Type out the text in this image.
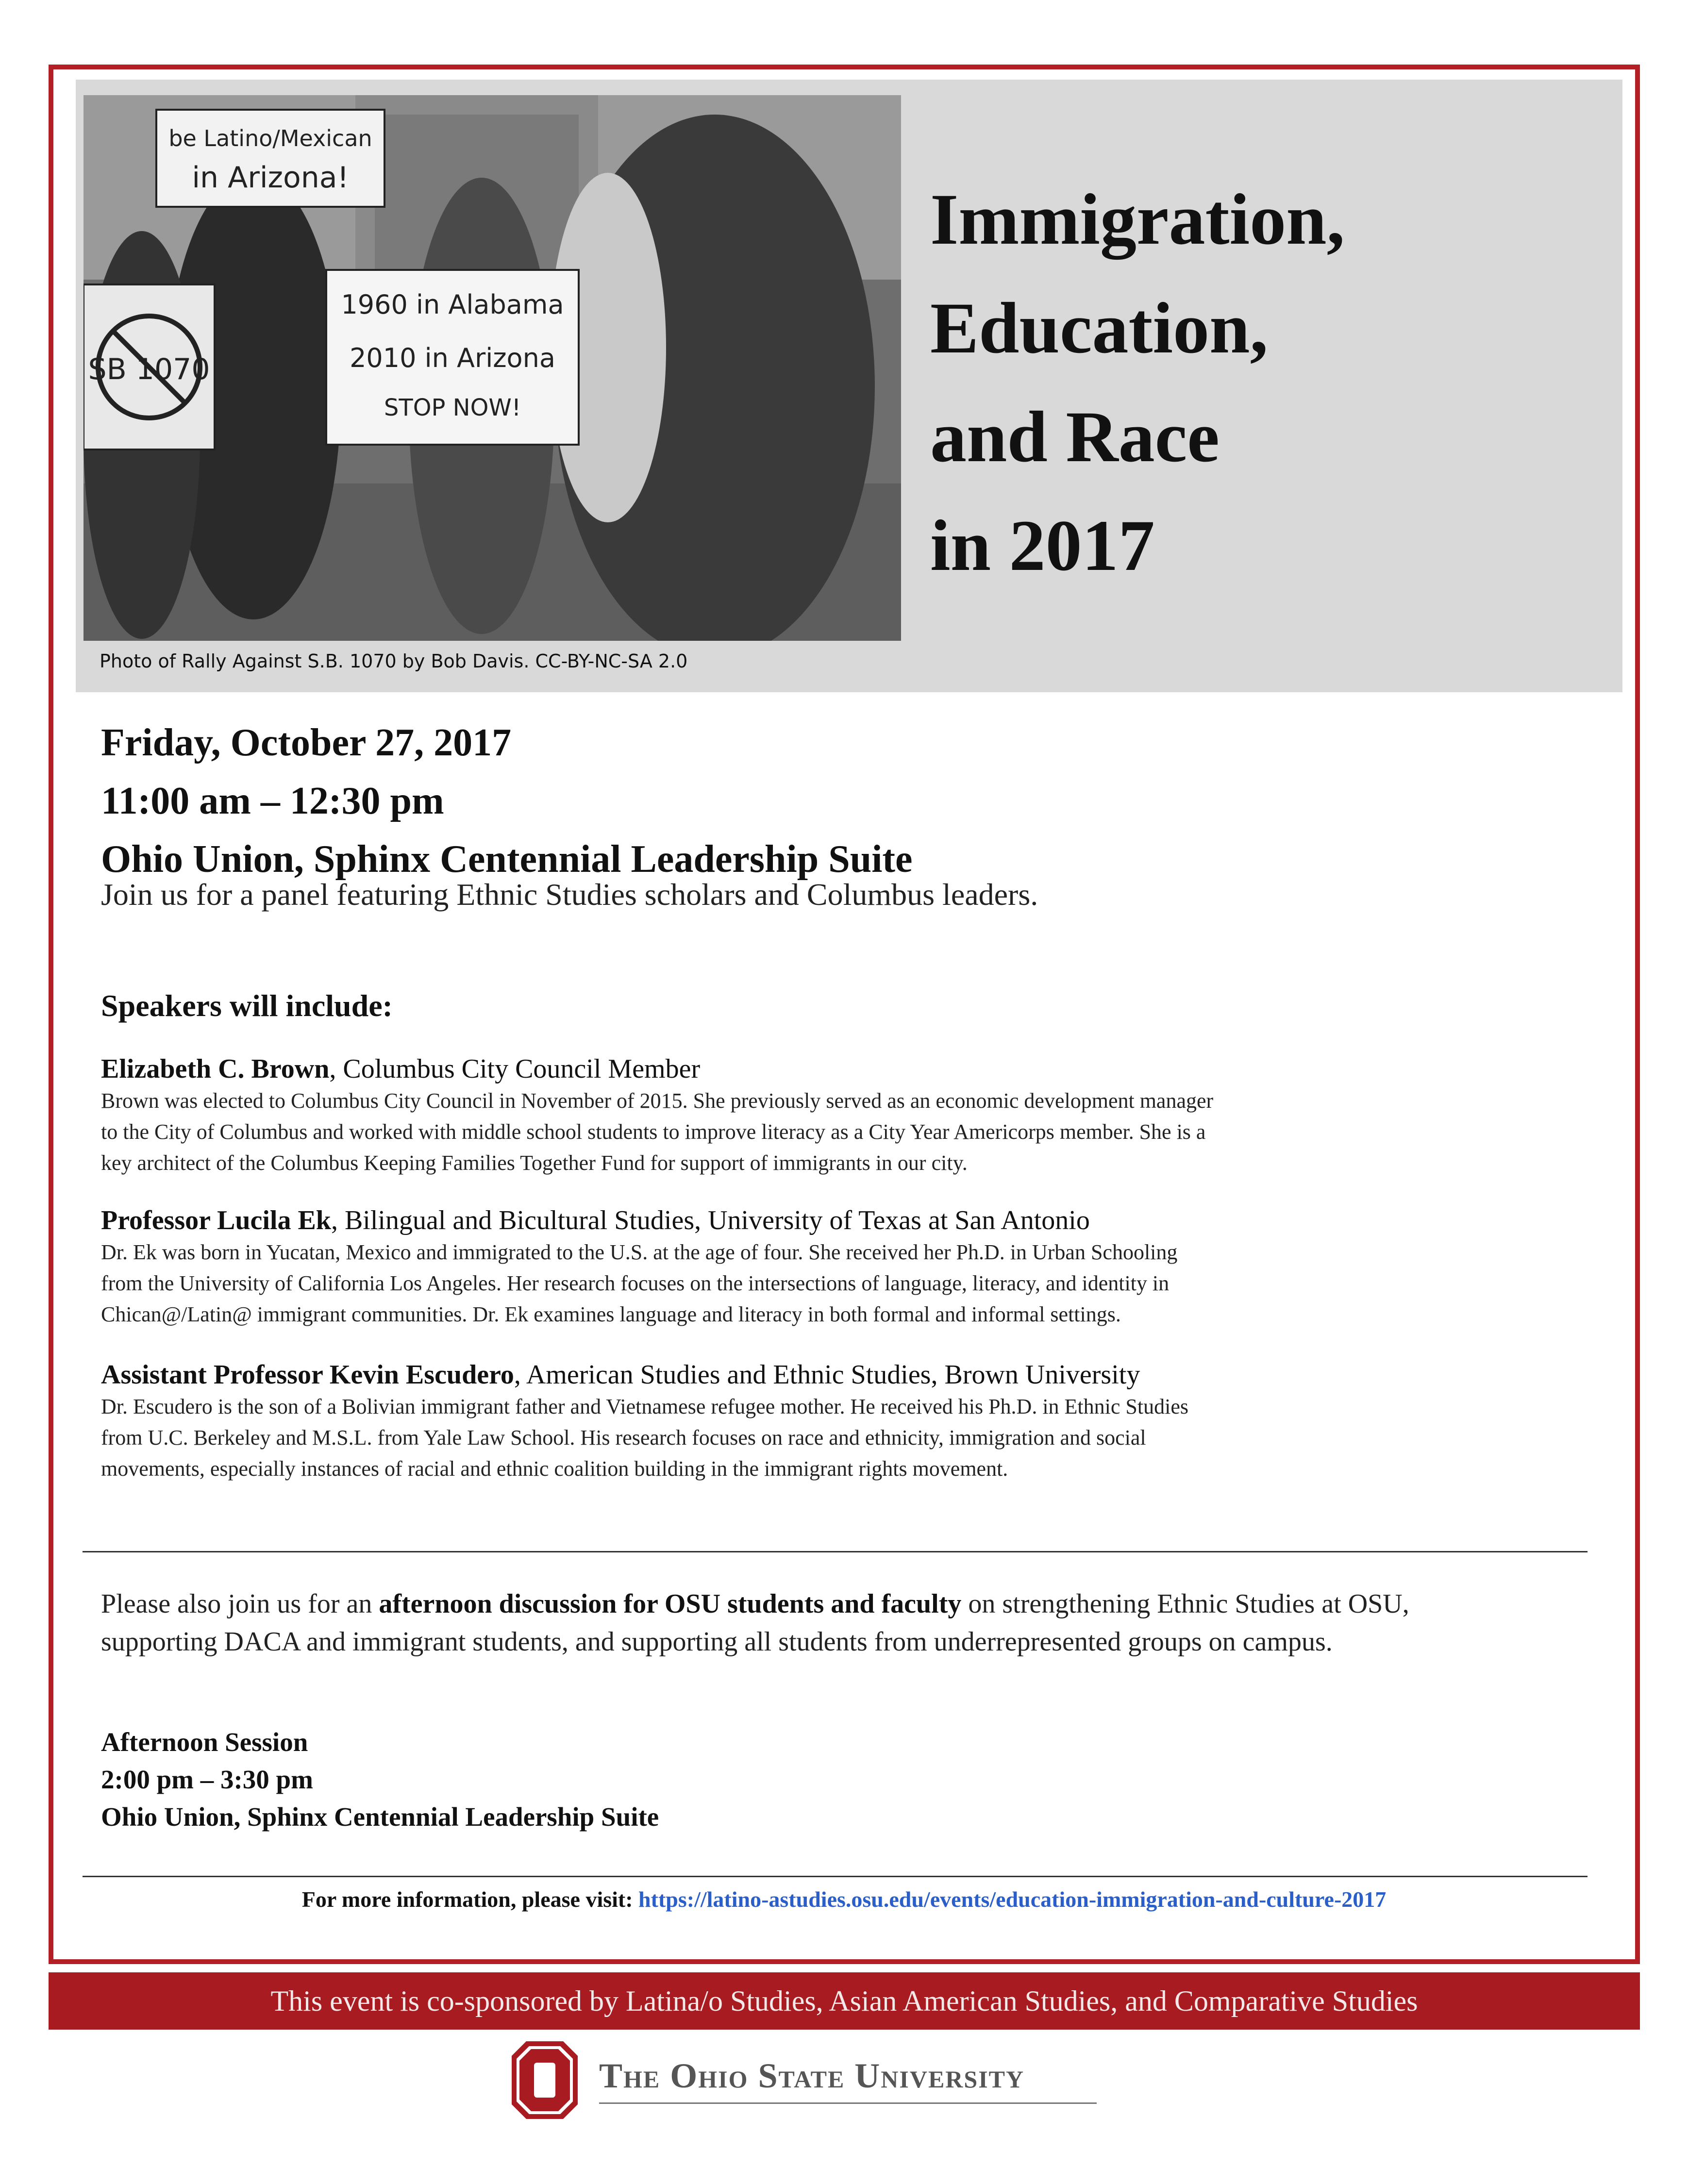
be Latino/Mexican
in Arizona!
1960 in Alabama
2010 in Arizona
STOP NOW!
SB 1070
Photo of Rally Against S.B. 1070 by Bob Davis. CC-BY-NC-SA 2.0
Immigration,
Education,
and Race
in 2017
Friday, October 27, 2017
11:00 am – 12:30 pm
Ohio Union, Sphinx Centennial Leadership Suite
Join us for a panel featuring Ethnic Studies scholars and Columbus leaders.
Speakers will include:
Elizabeth C. Brown, Columbus City Council Member
Brown was elected to Columbus City Council in November of 2015. She previously served as an economic development manager
to the City of Columbus and worked with middle school students to improve literacy as a City Year Americorps member. She is a
key architect of the Columbus Keeping Families Together Fund for support of immigrants in our city.
Professor Lucila Ek, Bilingual and Bicultural Studies, University of Texas at San Antonio
Dr. Ek was born in Yucatan, Mexico and immigrated to the U.S. at the age of four. She received her Ph.D. in Urban Schooling
from the University of California Los Angeles. Her research focuses on the intersections of language, literacy, and identity in
Chican@/Latin@ immigrant communities. Dr. Ek examines language and literacy in both formal and informal settings.
Assistant Professor Kevin Escudero, American Studies and Ethnic Studies, Brown University
Dr. Escudero is the son of a Bolivian immigrant father and Vietnamese refugee mother. He received his Ph.D. in Ethnic Studies
from U.C. Berkeley and M.S.L. from Yale Law School. His research focuses on race and ethnicity, immigration and social
movements, especially instances of racial and ethnic coalition building in the immigrant rights movement.
Please also join us for an afternoon discussion for OSU students and faculty on strengthening Ethnic Studies at OSU, supporting DACA and immigrant students, and supporting all students from underrepresented groups on campus.
Afternoon Session
2:00 pm – 3:30 pm
Ohio Union, Sphinx Centennial Leadership Suite
For more information, please visit: https://latino-astudies.osu.edu/events/education-immigration-and-culture-2017
This event is co-sponsored by Latina/o Studies, Asian American Studies, and Comparative Studies
The Ohio State University
